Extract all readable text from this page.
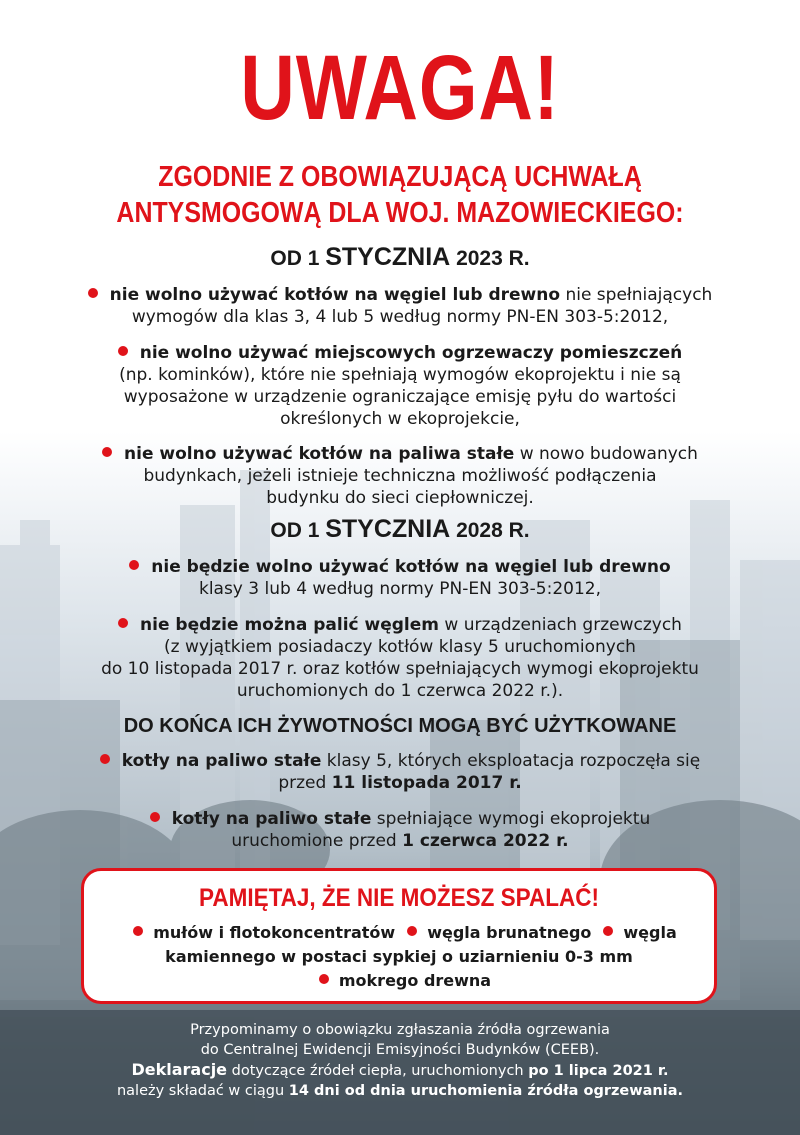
UWAGA!
ZGODNIE Z OBOWIĄZUJĄCĄ UCHWAŁĄ
ANTYSMOGOWĄ DLA WOJ. MAZOWIECKIEGO:
OD 1 STYCZNIA 2023 R.
nie wolno używać kotłów na węgiel lub drewno nie spełniających
wymogów dla klas 3, 4 lub 5 według normy PN-EN 303-5:2012,
nie wolno używać miejscowych ogrzewaczy pomieszczeń
(np. kominków), które nie spełniają wymogów ekoprojektu i nie są
wyposażone w urządzenie ograniczające emisję pyłu do wartości
określonych w ekoprojekcie,
nie wolno używać kotłów na paliwa stałe w nowo budowanych
budynkach, jeżeli istnieje techniczna możliwość podłączenia
budynku do sieci ciepłowniczej.
OD 1 STYCZNIA 2028 R.
nie będzie wolno używać kotłów na węgiel lub drewno
klasy 3 lub 4 według normy PN-EN 303-5:2012,
nie będzie można palić węglem w urządzeniach grzewczych
(z wyjątkiem posiadaczy kotłów klasy 5 uruchomionych
do 10 listopada 2017 r. oraz kotłów spełniających wymogi ekoprojektu
uruchomionych do 1 czerwca 2022 r.).
DO KOŃCA ICH ŻYWOTNOŚCI MOGĄ BYĆ UŻYTKOWANE
kotły na paliwo stałe klasy 5, których eksploatacja rozpoczęła się
przed 11 listopada 2017 r.
kotły na paliwo stałe spełniające wymogi ekoprojektu
uruchomione przed 1 czerwca 2022 r.
PAMIĘTAJ, ŻE NIE MOŻESZ SPALAĆ!
mułów i flotokoncentratów węgla brunatnego węgla
kamiennego w postaci sypkiej o uziarnieniu 0-3 mm
mokrego drewna
Przypominamy o obowiązku zgłaszania źródła ogrzewania
do Centralnej Ewidencji Emisyjności Budynków (CEEB).
Deklaracje dotyczące źródeł ciepła, uruchomionych po 1 lipca 2021 r.
należy składać w ciągu 14 dni od dnia uruchomienia źródła ogrzewania.
